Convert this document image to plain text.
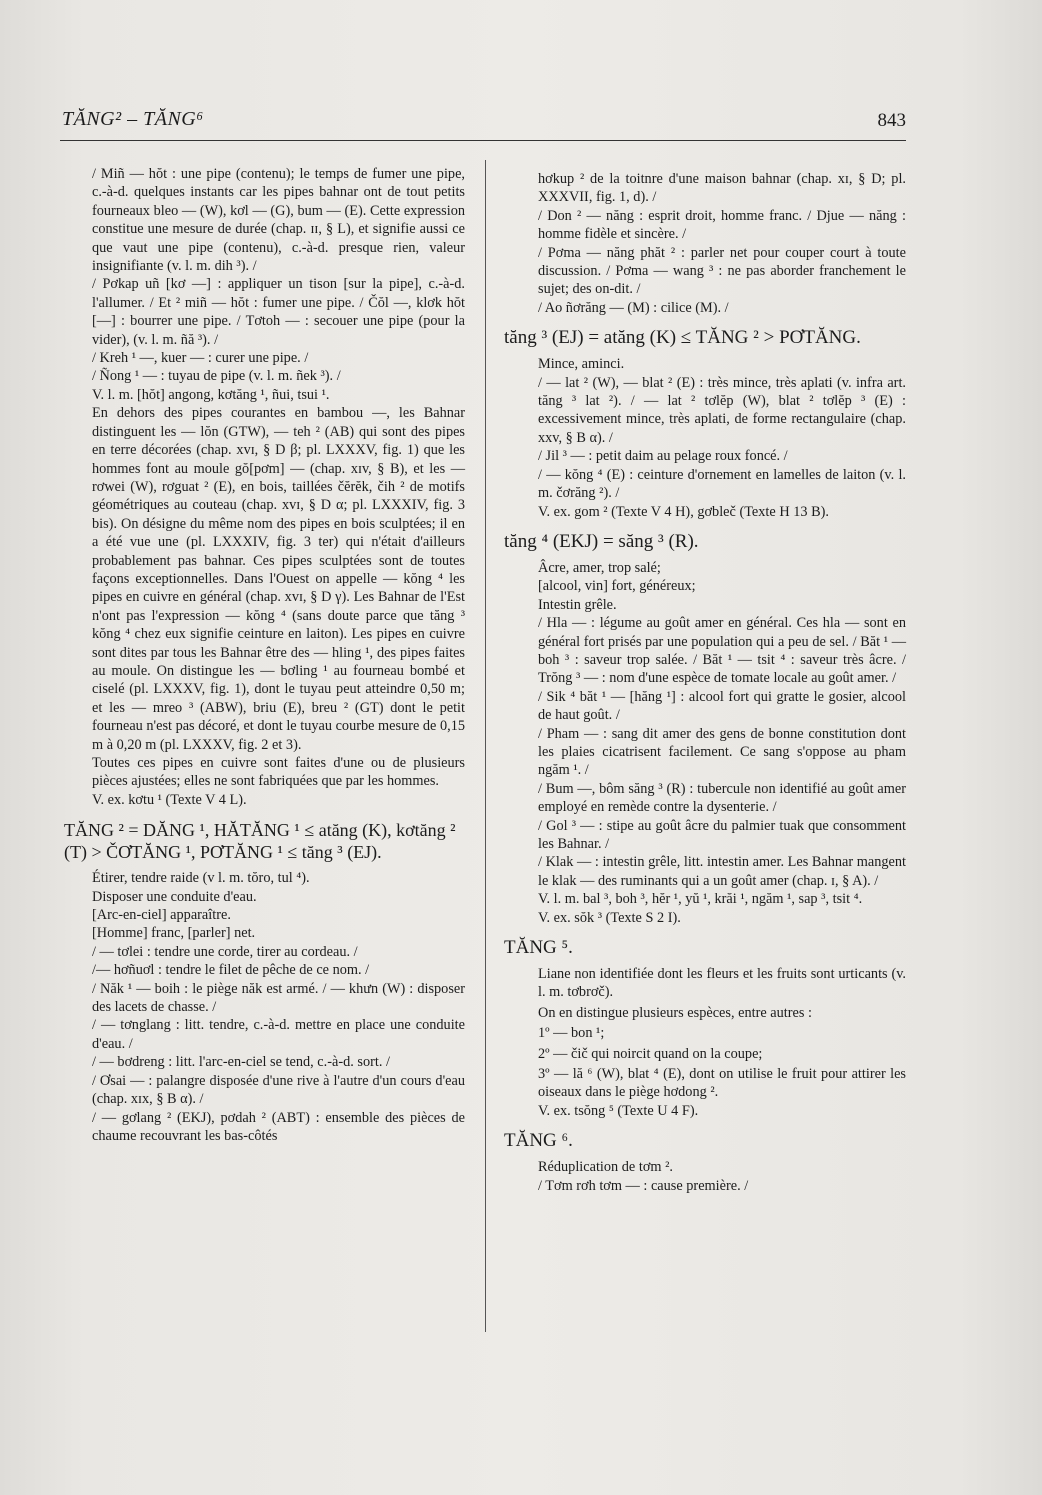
TĂNG² – TĂNG⁶	843

/ Miñ — hŏt : une pipe (contenu); le temps de fumer une pipe, c.-à-d. quelques instants car les pipes bahnar ont de tout petits fourneaux bleo — (W), kơl — (G), bum — (E). Cette expression constitue une mesure de durée (chap. ɪɪ, § L), et signifie aussi ce que vaut une pipe (contenu), c.-à-d. presque rien, valeur insignifiante (v. l. m. dih ³). /

/ Pơkap uñ [kơ —] : appliquer un tison [sur la pipe], c.-à-d. l'allumer. / Et ² miñ — hŏt : fumer une pipe. / Čŏl —, klơk hŏt [—] : bourrer une pipe. / Tơtoh — : secouer une pipe (pour la vider), (v. l. m. ñă ³). /

/ Kreh ¹ —, kuer — : curer une pipe. /

/ Ñong ¹ — : tuyau de pipe (v. l. m. ñek ³). /

V. l. m. [hŏt] angong, kơtăng ¹, ñui, tsui ¹.

En dehors des pipes courantes en bambou —, les Bahnar distinguent les — lŏn (GTW), — teh ² (AB) qui sont des pipes en terre décorées (chap. xvɪ, § D β; pl. LXXXV, fig. 1) que les hommes font au moule gŏ[pơm] — (chap. xɪv, § B), et les — rơwei (W), rơguat ² (E), en bois, taillées čĕrĕk, čih ² de motifs géométriques au couteau (chap. xvɪ, § D α; pl. LXXXIV, fig. 3 bis). On désigne du même nom des pipes en bois sculptées; il en a été vue une (pl. LXXXIV, fig. 3 ter) qui n'était d'ailleurs probablement pas bahnar. Ces pipes sculptées sont de toutes façons exceptionnelles. Dans l'Ouest on appelle — kŏng ⁴ les pipes en cuivre en général (chap. xvɪ, § D γ). Les Bahnar de l'Est n'ont pas l'expression — kŏng ⁴ (sans doute parce que tăng ³ kŏng ⁴ chez eux signifie ceinture en laiton). Les pipes en cuivre sont dites par tous les Bahnar être des — hling ¹, des pipes faites au moule. On distingue les — bơling ¹ au fourneau bombé et ciselé (pl. LXXXV, fig. 1), dont le tuyau peut atteindre 0,50 m; et les — mreo ³ (ABW), briu (E), breu ² (GT) dont le petit fourneau n'est pas décoré, et dont le tuyau courbe mesure de 0,15 m à 0,20 m (pl. LXXXV, fig. 2 et 3).

Toutes ces pipes en cuivre sont faites d'une ou de plusieurs pièces ajustées; elles ne sont fabriquées que par les hommes.

V. ex. kơtu ¹ (Texte V 4 L).

TĂNG ² = DĂNG ¹, HĂTĂNG ¹ ≤ atăng (K), kơtăng ² (T) > ČƠTĂNG ¹, PƠTĂNG ¹ ≤ tăng ³ (EJ).

Étirer, tendre raide (v l. m. tŏro, tul ⁴).

Disposer une conduite d'eau.

[Arc-en-ciel] apparaître.

[Homme] franc, [parler] net.

/ — tơlei : tendre une corde, tirer au cordeau. /

/— hơñuơl : tendre le filet de pêche de ce nom. /

/ Năk ¹ — boih : le piège năk est armé. / — khưn (W) : disposer des lacets de chasse. /

/ — tơnglang : litt. tendre, c.-à-d. mettre en place une conduite d'eau. /

/ — bơdreng : litt. l'arc-en-ciel se tend, c.-à-d. sort. /

/ Ơsai — : palangre disposée d'une rive à l'autre d'un cours d'eau (chap. xɪx, § B α). /

/ — gơlang ² (EKJ), pơdah ² (ABT) : ensemble des pièces de chaume recouvrant les bas-côtés

hơkup ² de la toitnre d'une maison bahnar (chap. xɪ, § D; pl. XXXVII, fig. 1, d). /

/ Don ² — năng : esprit droit, homme franc. / Djue — năng : homme fidèle et sincère. /

/ Pơma — năng phăt ² : parler net pour couper court à toute discussion. / Pơma — wang ³ : ne pas aborder franchement le sujet; des on-dit. /

/ Ao ñơrăng — (M) : cilice (M). /

tăng ³ (EJ) = atăng (K) ≤ TĂNG ² > PƠTĂNG.

Mince, aminci.

/ — lat ² (W), — blat ² (E) : très mince, très aplati (v. infra art. tăng ³ lat ²). / — lat ² tơlĕp (W), blat ² tơlĕp ³ (E) : excessivement mince, très aplati, de forme rectangulaire (chap. xxv, § B α). /

/ Jil ³ — : petit daim au pelage roux foncé. /

/ — kŏng ⁴ (E) : ceinture d'ornement en lamelles de laiton (v. l. m. čơrăng ²). /

V. ex. gom ² (Texte V 4 H), gơbleč (Texte H 13 B).

tăng ⁴ (EKJ) = săng ³ (R).

Âcre, amer, trop salé;

[alcool, vin] fort, généreux;

Intestin grêle.

/ Hla — : légume au goût amer en général. Ces hla — sont en général fort prisés par une population qui a peu de sel. / Băt ¹ — boh ³ : saveur trop salée. / Băt ¹ — tsit ⁴ : saveur très âcre. / Trŏng ³ — : nom d'une espèce de tomate locale au goût amer. /

/ Sik ⁴ băt ¹ — [hăng ¹] : alcool fort qui gratte le gosier, alcool de haut goût. /

/ Pham — : sang dit amer des gens de bonne constitution dont les plaies cicatrisent facilement. Ce sang s'oppose au pham ngăm ¹. /

/ Bum —, bôm săng ³ (R) : tubercule non identifié au goût amer employé en remède contre la dysenterie. /

/ Gol ³ — : stipe au goût âcre du palmier tuak que consomment les Bahnar. /

/ Klak — : intestin grêle, litt. intestin amer. Les Bahnar mangent le klak — des ruminants qui a un goût amer (chap. ɪ, § A). /

V. l. m. bal ³, boh ³, hĕr ¹, yŭ ¹, krăi ¹, ngăm ¹, sap ³, tsit ⁴.

V. ex. sŏk ³ (Texte S 2 I).

TĂNG ⁵.

Liane non identifiée dont les fleurs et les fruits sont urticants (v. l. m. tơbrơč).

On en distingue plusieurs espèces, entre autres :

1º — bon ¹;

2º — čič qui noircit quand on la coupe;

3º — lă ⁶ (W), blat ⁴ (E), dont on utilise le fruit pour attirer les oiseaux dans le piège hơdong ².

V. ex. tsŏng ⁵ (Texte U 4 F).

TĂNG ⁶.

Réduplication de tơm ².

/ Tơm rơh tơm — : cause première. /
